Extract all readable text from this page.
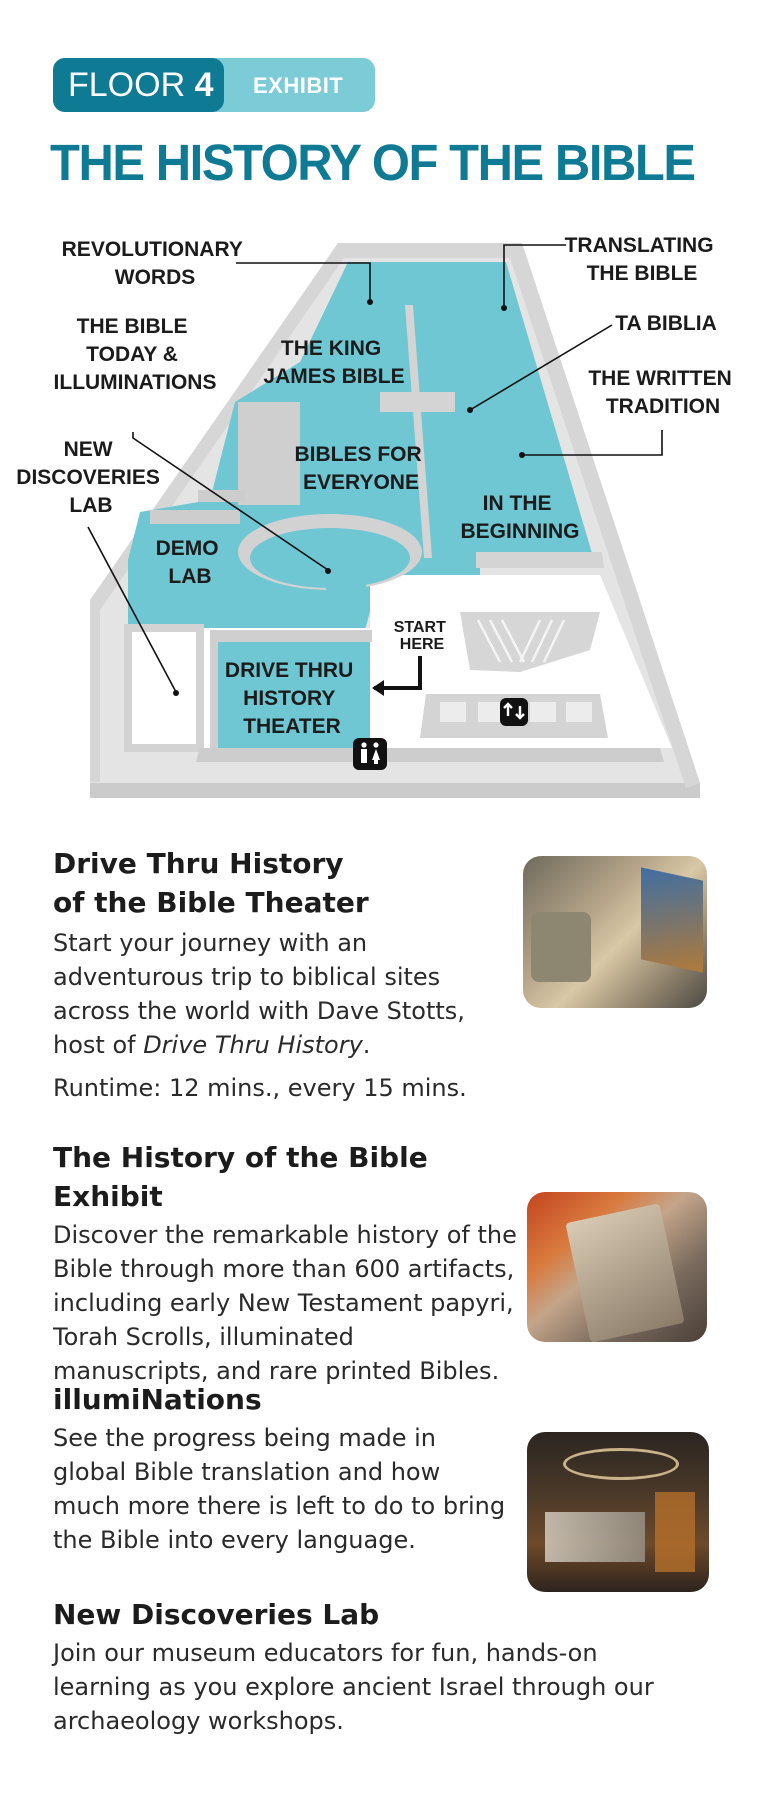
FLOOR 4	EXHIBIT
THE HISTORY OF THE BIBLE
REVOLUTIONARY WORDS
TRANSLATING THE BIBLE
TA BIBLIA
THE WRITTEN TRADITION
THE BIBLE TODAY & ILLUMINATIONS
NEW DISCOVERIES LAB
THE KING JAMES BIBLE
BIBLES FOR EVERYONE
IN THE BEGINNING
DEMO LAB
DRIVE THRU HISTORY THEATER
START HERE
Drive Thru History
of the Bible Theater

Start your journey with an
adventurous trip to biblical sites
across the world with Dave Stotts,
host of Drive Thru History.

Runtime: 12 mins., every 15 mins.

The History of the Bible Exhibit

Discover the remarkable history of the
Bible through more than 600 artifacts,
including early New Testament papyri,
Torah Scrolls, illuminated
manuscripts, and rare printed Bibles.

illumiNations

See the progress being made in
global Bible translation and how
much more there is left to do to bring
the Bible into every language.

New Discoveries Lab

Join our museum educators for fun, hands-on
learning as you explore ancient Israel through our
archaeology workshops.
